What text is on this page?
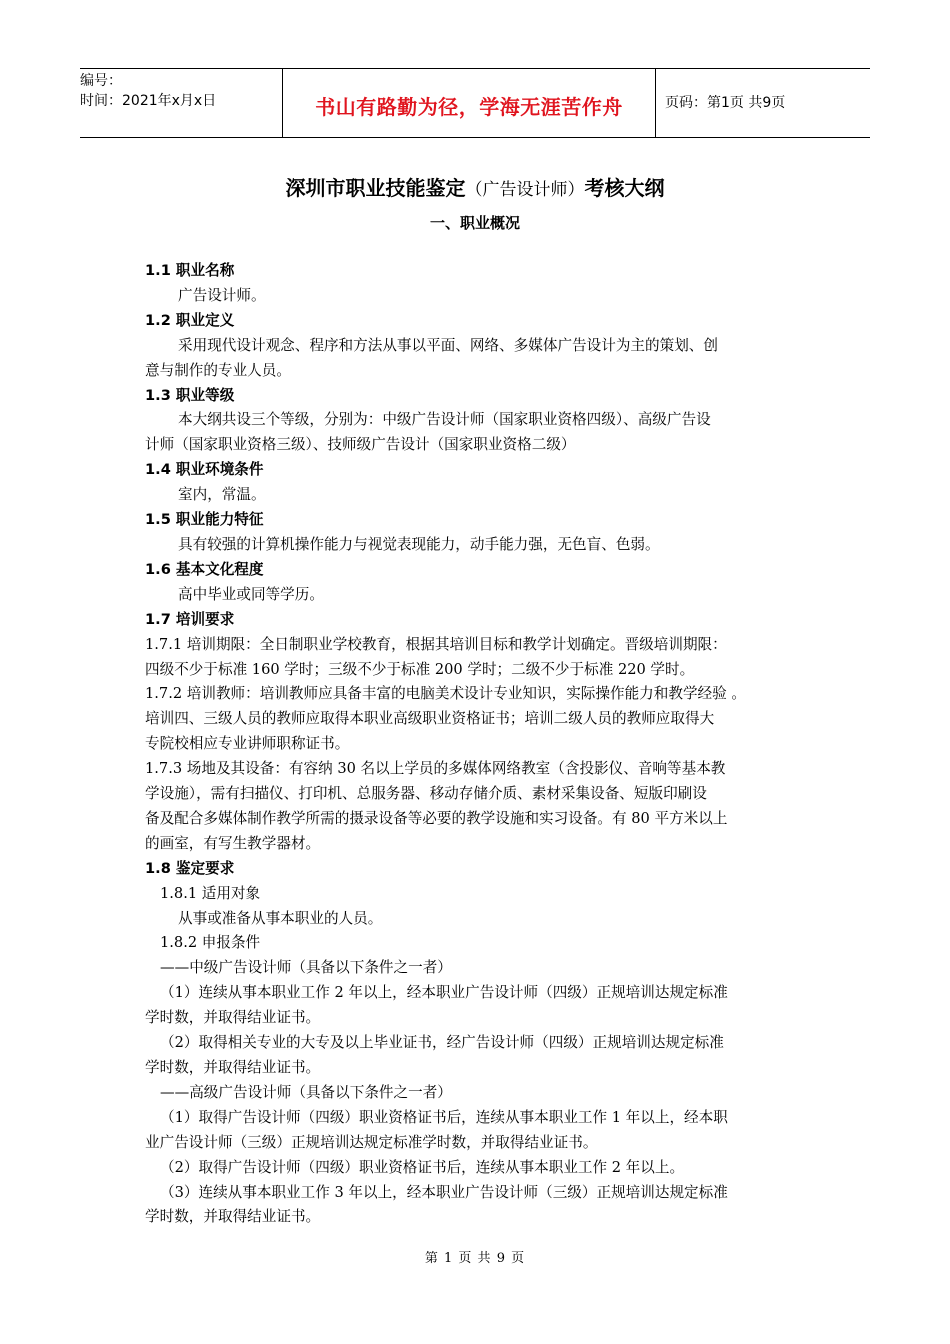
编号：
时间：2021年x月x日	书山有路勤为径，学海无涯苦作舟	页码：第1页 共9页
深圳市职业技能鉴定（广告设计师）考核大纲
一、职业概况

1.1 职业名称

广告设计师。

1.2 职业定义

采用现代设计观念、程序和方法从事以平面、网络、多媒体广告设计为主的策划、创

意与制作的专业人员。

1.3 职业等级

本大纲共设三个等级，分别为：中级广告设计师（国家职业资格四级）、高级广告设

计师（国家职业资格三级）、技师级广告设计（国家职业资格二级）

1.4 职业环境条件

室内，常温。

1.5 职业能力特征

具有较强的计算机操作能力与视觉表现能力，动手能力强，无色盲、色弱。

1.6 基本文化程度

高中毕业或同等学历。

1.7 培训要求

1.7.1 培训期限：全日制职业学校教育，根据其培训目标和教学计划确定。晋级培训期限：

四级不少于标准 160 学时；三级不少于标准 200 学时；二级不少于标准 220 学时。

1.7.2 培训教师：培训教师应具备丰富的电脑美术设计专业知识，实际操作能力和教学经验 。

培训四、三级人员的教师应取得本职业高级职业资格证书；培训二级人员的教师应取得大

专院校相应专业讲师职称证书。

1.7.3 场地及其设备：有容纳 30 名以上学员的多媒体网络教室（含投影仪、音响等基本教

学设施），需有扫描仪、打印机、总服务器、移动存储介质、素材采集设备、短版印刷设

备及配合多媒体制作教学所需的摄录设备等必要的教学设施和实习设备。有 80 平方米以上

的画室，有写生教学器材。

1.8 鉴定要求

1.8.1 适用对象

从事或准备从事本职业的人员。

1.8.2 申报条件

——中级广告设计师（具备以下条件之一者）

（1）连续从事本职业工作 2 年以上，经本职业广告设计师（四级）正规培训达规定标准

学时数，并取得结业证书。

（2）取得相关专业的大专及以上毕业证书，经广告设计师（四级）正规培训达规定标准

学时数，并取得结业证书。

——高级广告设计师（具备以下条件之一者）

（1）取得广告设计师（四级）职业资格证书后，连续从事本职业工作 1 年以上，经本职

业广告设计师（三级）正规培训达规定标准学时数，并取得结业证书。

（2）取得广告设计师（四级）职业资格证书后，连续从事本职业工作 2 年以上。

（3）连续从事本职业工作 3 年以上，经本职业广告设计师（三级）正规培训达规定标准

学时数，并取得结业证书。

第 1 页 共 9 页
